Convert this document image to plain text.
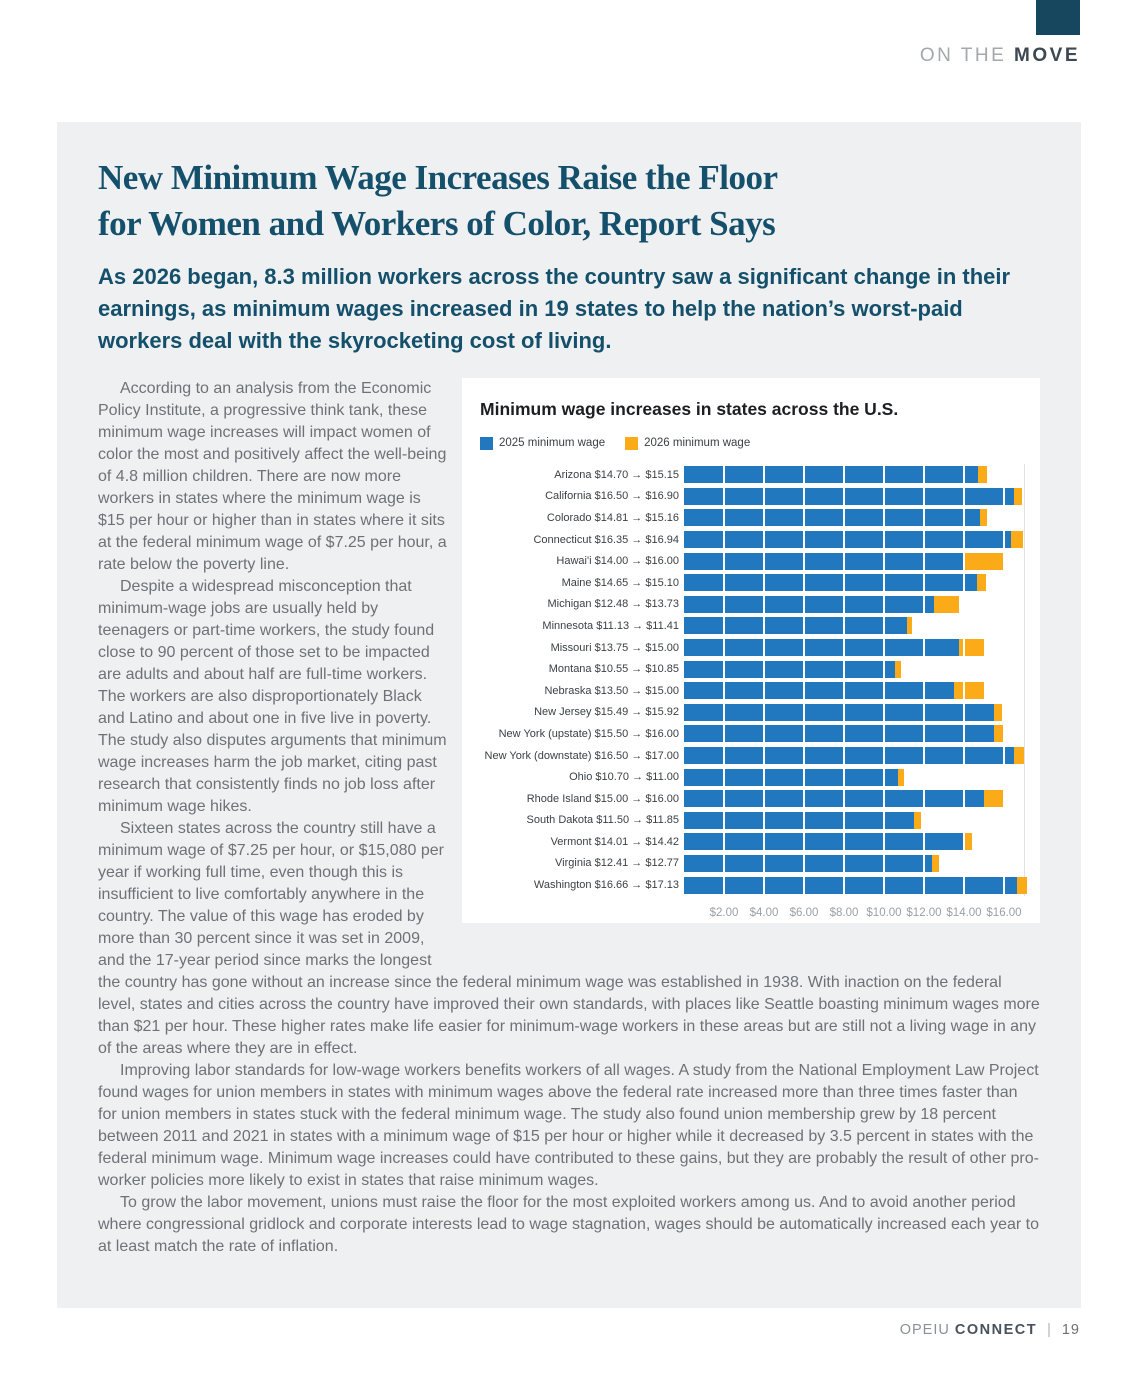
ON THE MOVE
New Minimum Wage Increases Raise the Floor
for Women and Workers of Color, Report Says

As 2026 began, 8.3 million workers across the country saw a significant change in their earnings, as minimum wages increased in 19 states to help the nation’s worst-paid workers deal with the skyrocketing cost of living.

Minimum wage increases in states across the U.S.
2025 minimum wage	2026 minimum wage
Arizona $14.70 → $15.15
California $16.50 → $16.90
Colorado $14.81 → $15.16
Connecticut $16.35 → $16.94
Hawai'i $14.00 → $16.00
Maine $14.65 → $15.10
Michigan $12.48 → $13.73
Minnesota $11.13 → $11.41
Missouri $13.75 → $15.00
Montana $10.55 → $10.85
Nebraska $13.50 → $15.00
New Jersey $15.49 → $15.92
New York (upstate) $15.50 → $16.00
New York (downstate) $16.50 → $17.00
Ohio $10.70 → $11.00
Rhode Island $15.00 → $16.00
South Dakota $11.50 → $11.85
Vermont $14.01 → $14.42
Virginia $12.41 → $12.77
Washington $16.66 → $17.13
$2.00 $4.00 $6.00 $8.00 $10.00 $12.00 $14.00 $16.00

According to an analysis from the Economic Policy Institute, a progressive think tank, these minimum wage increases will impact women of color the most and positively affect the well-being of 4.8 million children. There are now more workers in states where the minimum wage is $15 per hour or higher than in states where it sits at the federal minimum wage of $7.25 per hour, a rate below the poverty line.

Despite a widespread misconception that minimum-wage jobs are usually held by teenagers or part-time workers, the study found close to 90 percent of those set to be impacted are adults and about half are full-time workers. The workers are also disproportionately Black and Latino and about one in five live in poverty. The study also disputes arguments that minimum wage increases harm the job market, citing past research that consistently finds no job loss after minimum wage hikes.

Sixteen states across the country still have a minimum wage of $7.25 per hour, or $15,080 per year if working full time, even though this is insufficient to live comfortably anywhere in the country. The value of this wage has eroded by more than 30 percent since it was set in 2009, and the 17-year period since marks the longest the country has gone without an increase since the federal minimum wage was established in 1938. With inaction on the federal level, states and cities across the country have improved their own standards, with places like Seattle boasting minimum wages more than $21 per hour. These higher rates make life easier for minimum-wage workers in these areas but are still not a living wage in any of the areas where they are in effect.

Improving labor standards for low-wage workers benefits workers of all wages. A study from the National Employment Law Project found wages for union members in states with minimum wages above the federal rate increased more than three times faster than for union members in states stuck with the federal minimum wage. The study also found union membership grew by 18 percent between 2011 and 2021 in states with a minimum wage of $15 per hour or higher while it decreased by 3.5 percent in states with the federal minimum wage. Minimum wage increases could have contributed to these gains, but they are probably the result of other pro-worker policies more likely to exist in states that raise minimum wages.

To grow the labor movement, unions must raise the floor for the most exploited workers among us. And to avoid another period where congressional gridlock and corporate interests lead to wage stagnation, wages should be automatically increased each year to at least match the rate of inflation.

OPEIU CONNECT | 19
